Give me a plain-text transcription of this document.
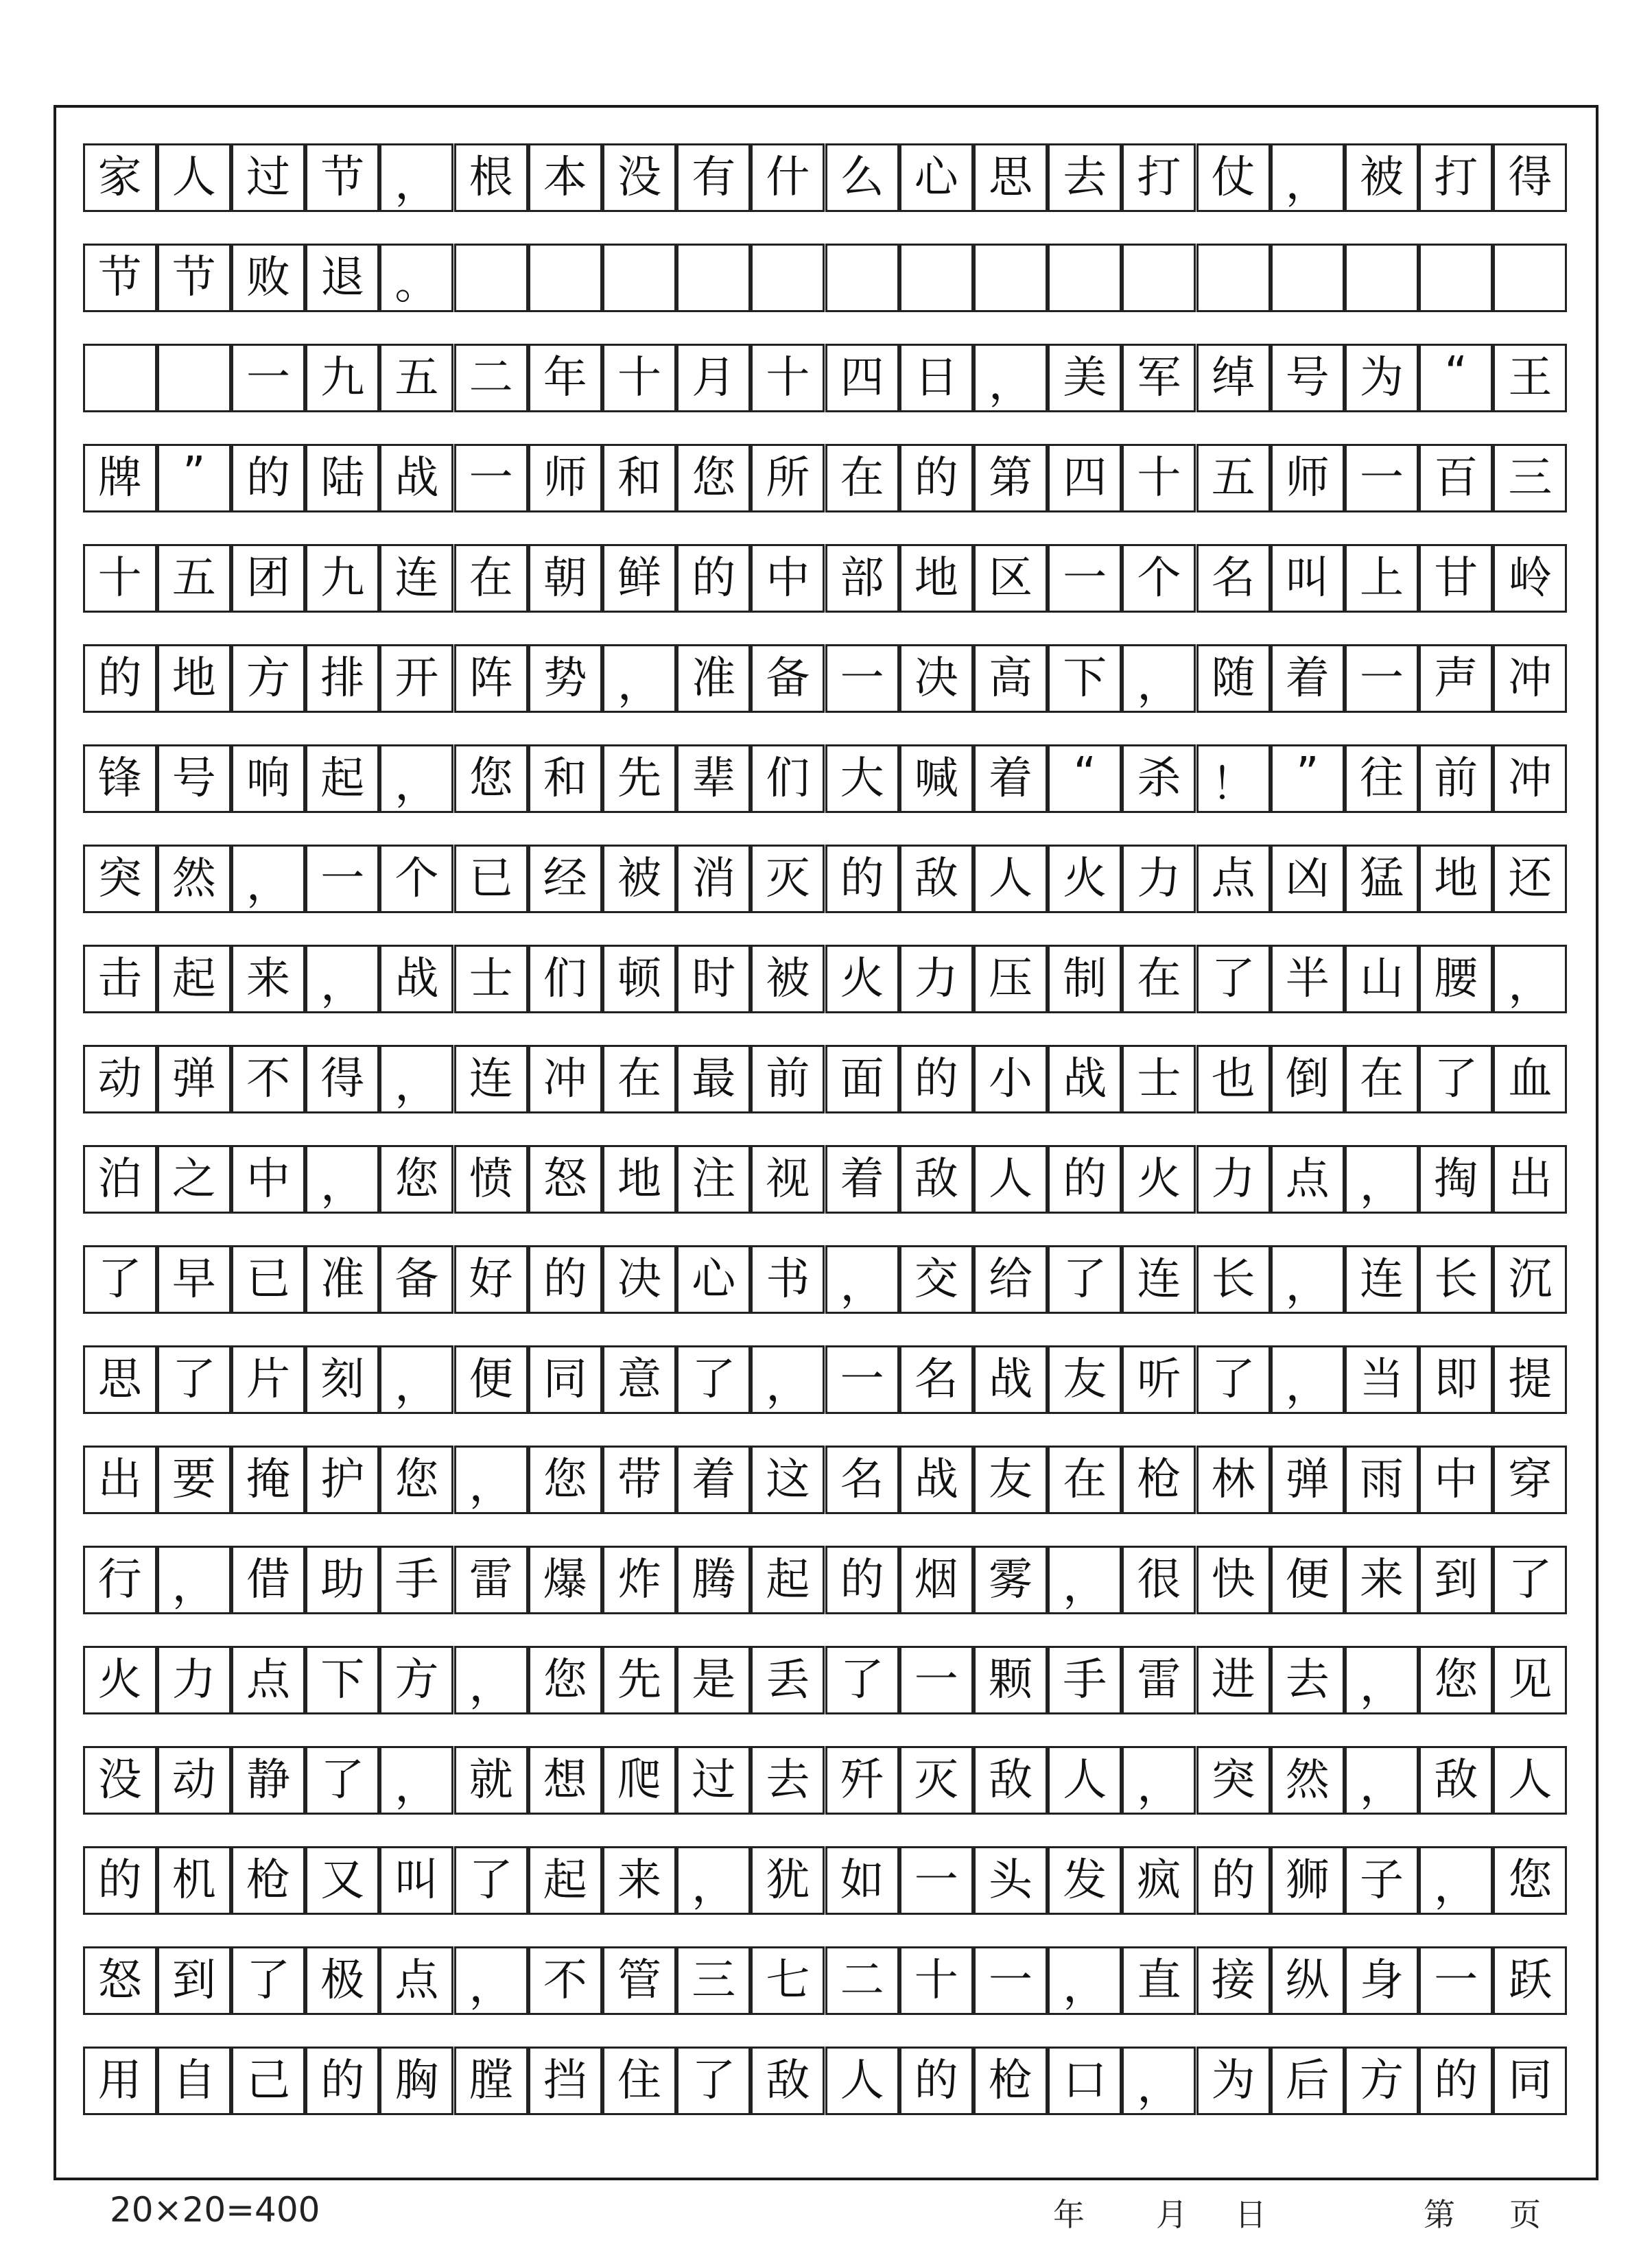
家 人 过 节 ， 根 本 没 有 什 么 心 思 去 打 仗 ， 被 打 得
节 节 败 退 。
一 九 五 二 年 十 月 十 四 日 ， 美 军 绰 号 为 “ 王
牌 ” 的 陆 战 一 师 和 您 所 在 的 第 四 十 五 师 一 百 三
十 五 团 九 连 在 朝 鲜 的 中 部 地 区 一 个 名 叫 上 甘 岭
的 地 方 排 开 阵 势 ， 准 备 一 决 高 下 ， 随 着 一 声 冲
锋 号 响 起 ， 您 和 先 辈 们 大 喊 着 “ 杀 ！ ” 往 前 冲
突 然 ， 一 个 已 经 被 消 灭 的 敌 人 火 力 点 凶 猛 地 还
击 起 来 ， 战 士 们 顿 时 被 火 力 压 制 在 了 半 山 腰 ，
动 弹 不 得 ， 连 冲 在 最 前 面 的 小 战 士 也 倒 在 了 血
泊 之 中 ， 您 愤 怒 地 注 视 着 敌 人 的 火 力 点 ， 掏 出
了 早 已 准 备 好 的 决 心 书 ， 交 给 了 连 长 ， 连 长 沉
思 了 片 刻 ， 便 同 意 了 ， 一 名 战 友 听 了 ， 当 即 提
出 要 掩 护 您 ， 您 带 着 这 名 战 友 在 枪 林 弹 雨 中 穿
行 ， 借 助 手 雷 爆 炸 腾 起 的 烟 雾 ， 很 快 便 来 到 了
火 力 点 下 方 ， 您 先 是 丢 了 一 颗 手 雷 进 去 ， 您 见
没 动 静 了 ， 就 想 爬 过 去 歼 灭 敌 人 ， 突 然 ， 敌 人
的 机 枪 又 叫 了 起 来 ， 犹 如 一 头 发 疯 的 狮 子 ， 您
怒 到 了 极 点 ， 不 管 三 七 二 十 一 ， 直 接 纵 身 一 跃
用 自 己 的 胸 膛 挡 住 了 敌 人 的 枪 口 ， 为 后 方 的 同
20×20=400	年 月 日	第 页
